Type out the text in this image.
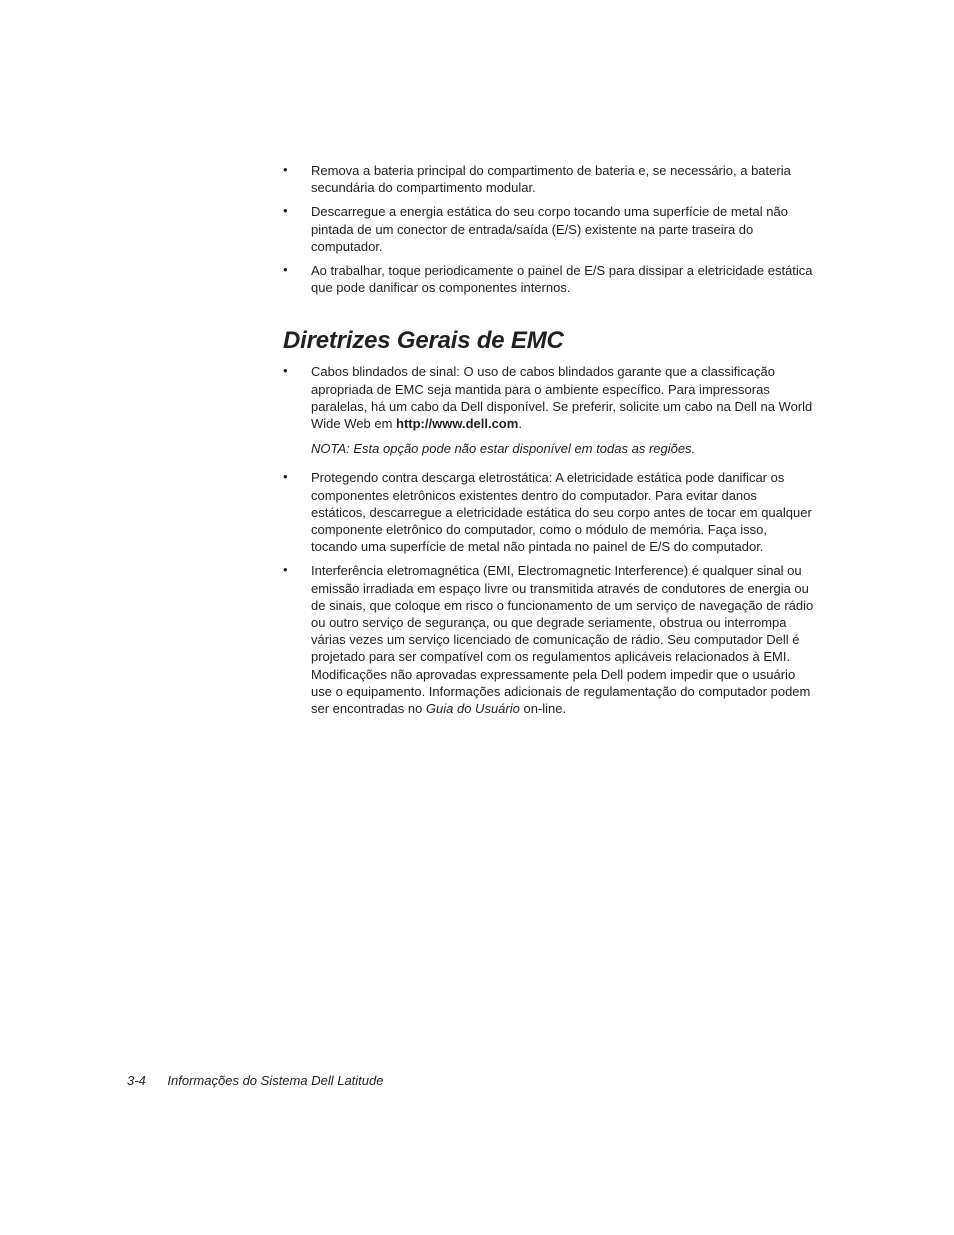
• Remova a bateria principal do compartimento de bateria e, se necessário, a bateria secundária do compartimento modular.
• Descarregue a energia estática do seu corpo tocando uma superfície de metal não pintada de um conector de entrada/saída (E/S) existente na parte traseira do computador.
• Ao trabalhar, toque periodicamente o painel de E/S para dissipar a eletricidade estática que pode danificar os componentes internos.
Diretrizes Gerais de EMC
• Cabos blindados de sinal: O uso de cabos blindados garante que a classificação apropriada de EMC seja mantida para o ambiente específico. Para impressoras paralelas, há um cabo da Dell disponível. Se preferir, solicite um cabo na Dell na World Wide Web em http://www.dell.com.
NOTA: Esta opção pode não estar disponível em todas as regiões.
• Protegendo contra descarga eletrostática: A eletricidade estática pode danificar os componentes eletrônicos existentes dentro do computador. Para evitar danos estáticos, descarregue a eletricidade estática do seu corpo antes de tocar em qualquer componente eletrônico do computador, como o módulo de memória. Faça isso, tocando uma superfície de metal não pintada no painel de E/S do computador.
• Interferência eletromagnética (EMI, Electromagnetic Interference) é qualquer sinal ou emissão irradiada em espaço livre ou transmitida através de condutores de energia ou de sinais, que coloque em risco o funcionamento de um serviço de navegação de rádio ou outro serviço de segurança, ou que degrade seriamente, obstrua ou interrompa várias vezes um serviço licenciado de comunicação de rádio. Seu computador Dell é projetado para ser compatível com os regulamentos aplicáveis relacionados à EMI. Modificações não aprovadas expressamente pela Dell podem impedir que o usuário use o equipamento. Informações adicionais de regulamentação do computador podem ser encontradas no Guia do Usuário on-line.
3-4 Informações do Sistema Dell Latitude
